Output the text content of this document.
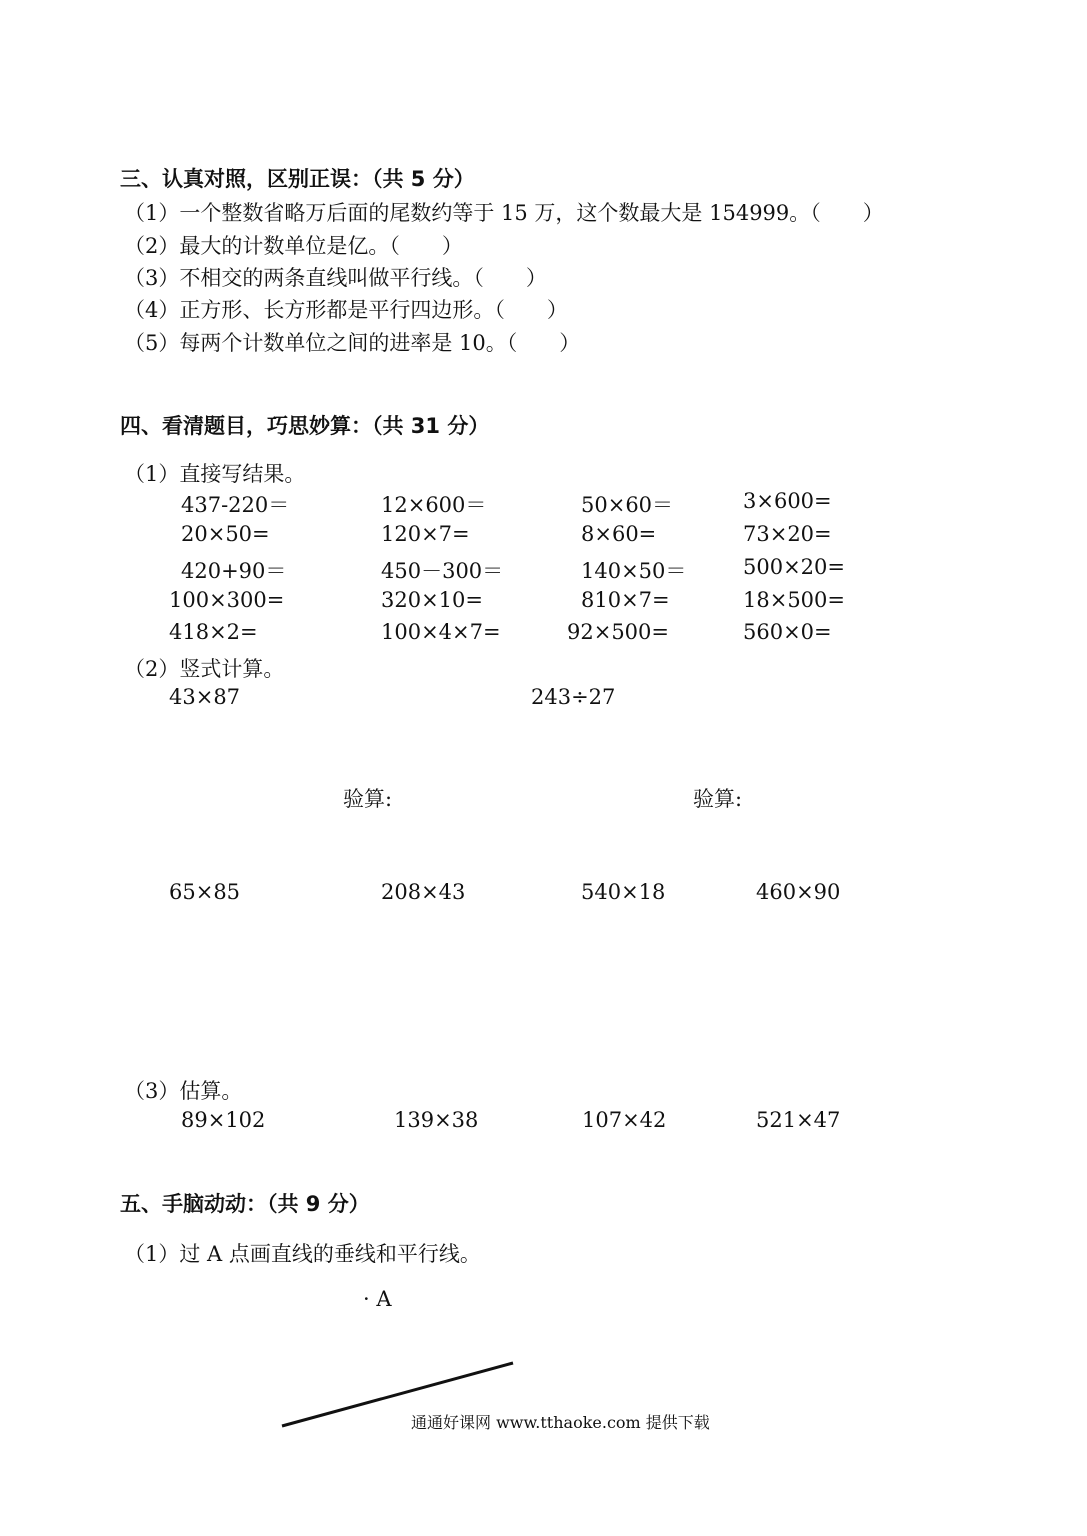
三、认真对照，区别正误：（共 5 分）
（1）一个整数省略万后面的尾数约等于 15 万，这个数最大是 154999。（　　）
（2）最大的计数单位是亿。（　　）
（3）不相交的两条直线叫做平行线。（　　）
（4）正方形、长方形都是平行四边形。（　　）
（5）每两个计数单位之间的进率是 10。（　　）
四、看清题目，巧思妙算：（共 31 分）
（1）直接写结果。
437-220＝	12×600＝	50×60＝	3×600=
20×50=	120×7=	8×60=	73×20=
420+90＝	450－300＝	140×50＝	500×20=
100×300=	320×10=	810×7=	18×500=
418×2=	100×4×7=	92×500=	560×0=
（2）竖式计算。
43×87	243÷27
验算:	验算:
65×85	208×43	540×18	460×90
（3）估算。
89×102	139×38	107×42	521×47
五、手脑动动：（共 9 分）
（1）过 A 点画直线的垂线和平行线。
· A
通通好课网 www.tthaoke.com 提供下载
